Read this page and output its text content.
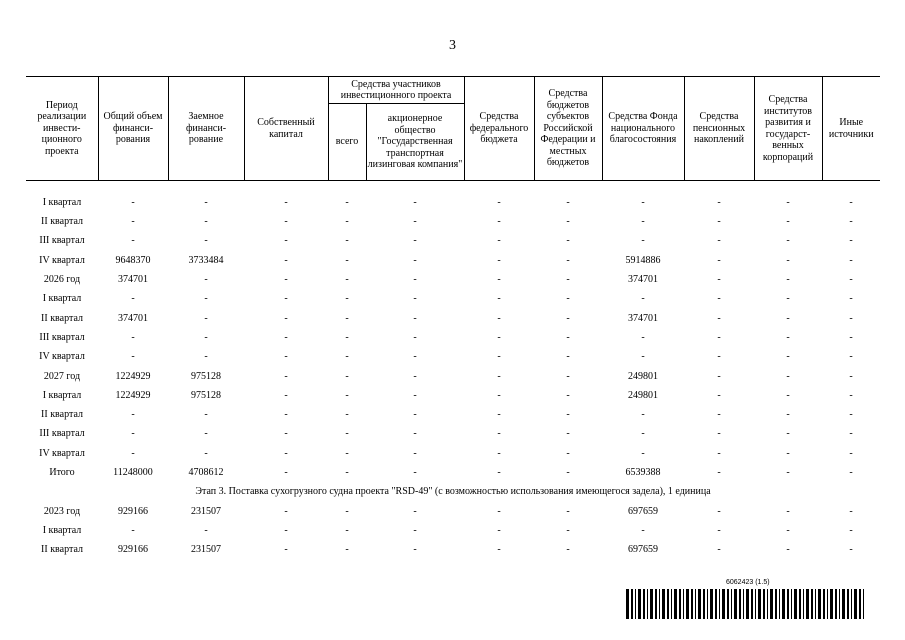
3
Период реализации инвести-ционного проекта	Общий объем финанси-рования	Заемное финанси-рование	Собственный капитал	Средства участников инвестиционного проекта		Средства федерального бюджета	Средства бюджетов субъектов Российской Федерации и местных бюджетов	Средства Фонда национального благосостояния	Средства пенсионных накоплений	Средства институтов развития и государст-венных корпораций	Иные источники
				всего	акционерное общество "Государственная транспортная лизинговая компания"						

I квартал	-	-	-	-	-	-	-	-	-	-	-
II квартал	-	-	-	-	-	-	-	-	-	-	-
III квартал	-	-	-	-	-	-	-	-	-	-	-
IV квартал	9648370	3733484	-	-	-	-	-	5914886	-	-	-
2026 год	374701	-	-	-	-	-	-	374701	-	-	-
I квартал	-	-	-	-	-	-	-	-	-	-	-
II квартал	374701	-	-	-	-	-	-	374701	-	-	-
III квартал	-	-	-	-	-	-	-	-	-	-	-
IV квартал	-	-	-	-	-	-	-	-	-	-	-
2027 год	1224929	975128	-	-	-	-	-	249801	-	-	-
I квартал	1224929	975128	-	-	-	-	-	249801	-	-	-
II квартал	-	-	-	-	-	-	-	-	-	-	-
III квартал	-	-	-	-	-	-	-	-	-	-	-
IV квартал	-	-	-	-	-	-	-	-	-	-	-
Итого	11248000	4708612	-	-	-	-	-	6539388	-	-	-
Этап 3. Поставка сухогрузного судна проекта "RSD-49" (с возможностью использования имеющегося задела), 1 единица											
2023 год	929166	231507	-	-	-	-	-	697659	-	-	-
I квартал	-	-	-	-	-	-	-	-	-	-	-
II квартал	929166	231507	-	-	-	-	-	697659	-	-	-
6062423 (1.5)
